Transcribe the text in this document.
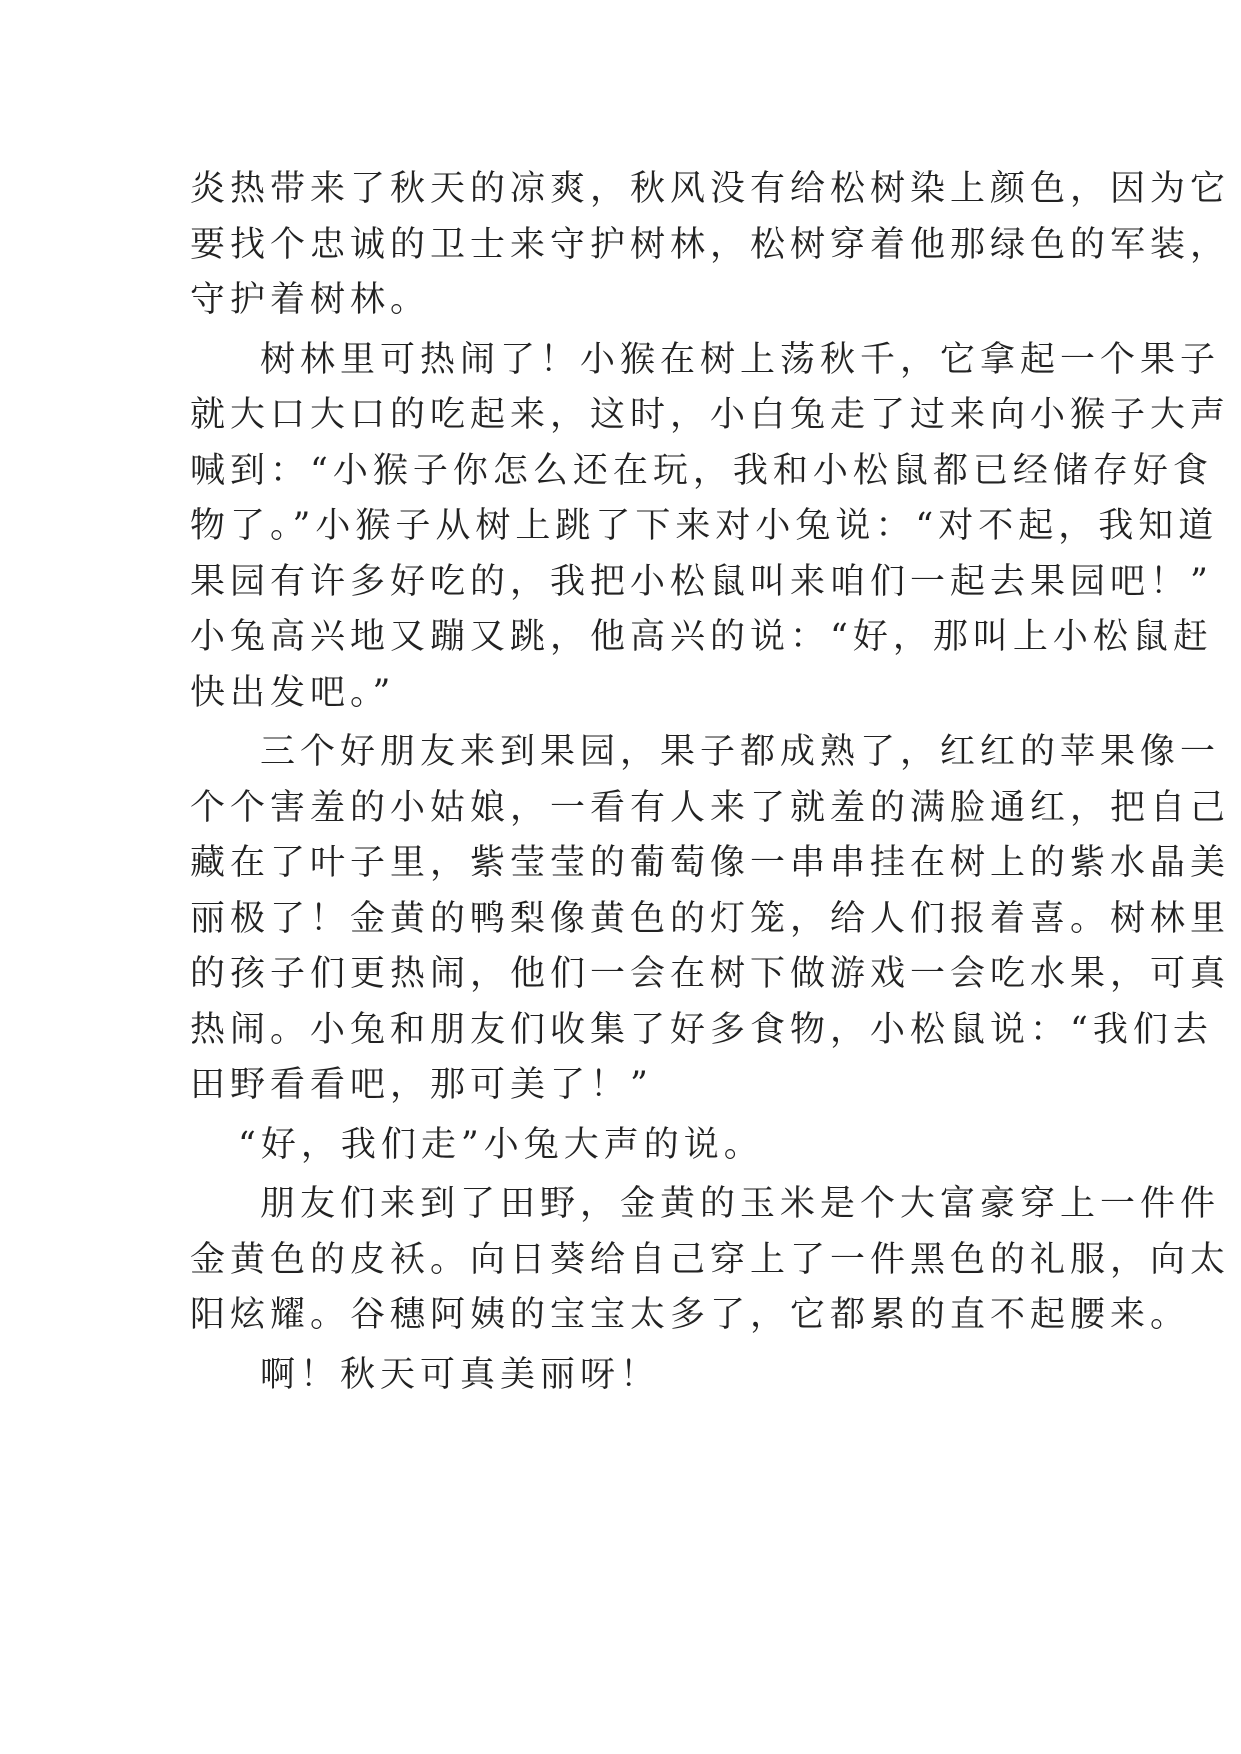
炎热带来了秋天的凉爽，秋风没有给松树染上颜色，因为它
要找个忠诚的卫士来守护树林，松树穿着他那绿色的军装，
守护着树林。
树林里可热闹了！小猴在树上荡秋千，它拿起一个果子
就大口大口的吃起来，这时，小白兔走了过来向小猴子大声
喊到：“小猴子你怎么还在玩，我和小松鼠都已经储存好食
物了。”小猴子从树上跳了下来对小兔说：“对不起，我知道
果园有许多好吃的，我把小松鼠叫来咱们一起去果园吧！”
小兔高兴地又蹦又跳，他高兴的说：“好，那叫上小松鼠赶
快出发吧。”
三个好朋友来到果园，果子都成熟了，红红的苹果像一
个个害羞的小姑娘，一看有人来了就羞的满脸通红，把自己
藏在了叶子里，紫莹莹的葡萄像一串串挂在树上的紫水晶美
丽极了！金黄的鸭梨像黄色的灯笼，给人们报着喜。树林里
的孩子们更热闹，他们一会在树下做游戏一会吃水果，可真
热闹。小兔和朋友们收集了好多食物，小松鼠说：“我们去
田野看看吧，那可美了！”
“好，我们走”小兔大声的说。
朋友们来到了田野，金黄的玉米是个大富豪穿上一件件
金黄色的皮袄。向日葵给自己穿上了一件黑色的礼服，向太
阳炫耀。谷穗阿姨的宝宝太多了，它都累的直不起腰来。
啊！秋天可真美丽呀！
